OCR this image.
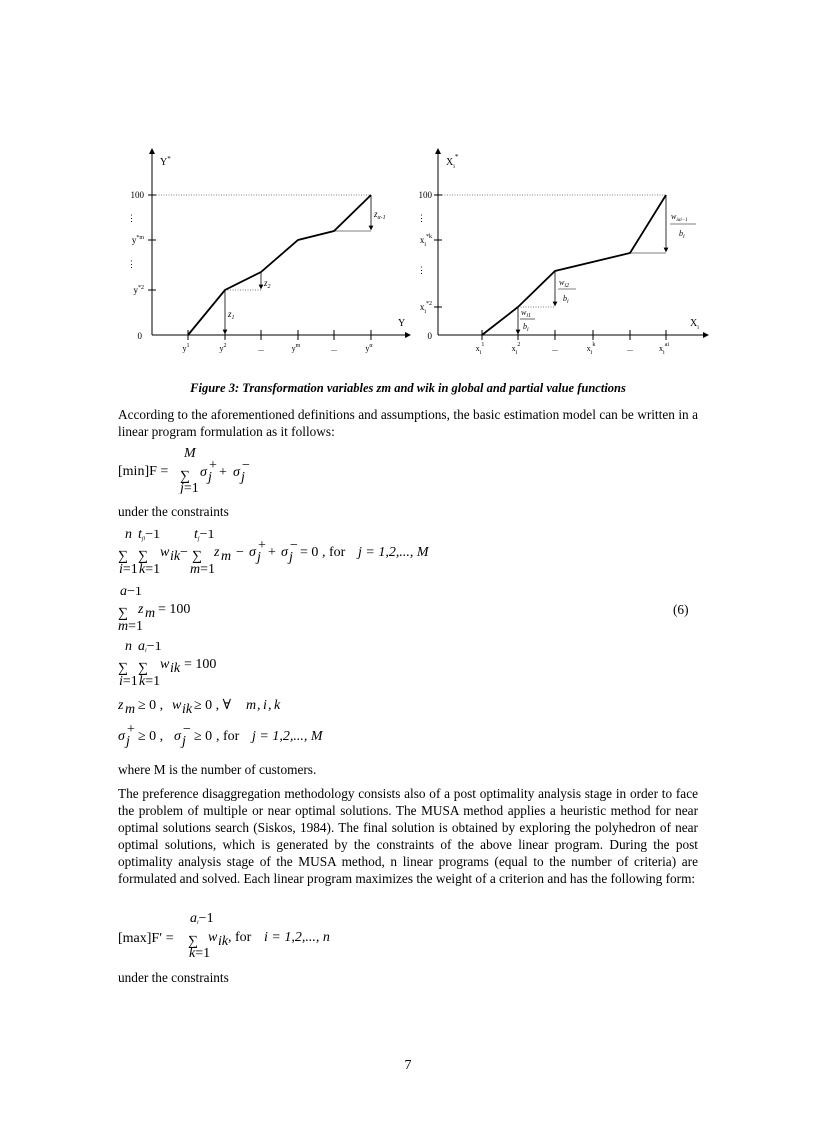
Y*
Y
100
⋮
$y^{*m}$
⋮
$y^{*2}$
0
$y^1$	$y^2$	...	$y^m$	...	$y^\alpha$
$z_1$
$z_2$
$z_{\alpha-1}$
$X_i^*$
$X_i$
100
⋮
$x_i^{*k}$
⋮
$x_i^{*2}$
0
$x_i^1$	$x_i^2$	...	$x_i^k$	...	$x_i^{ai}$
$w_{i1}$
$b_i$
$w_{i2}$
$b_i$
$w_{i\alpha}i-1$
$b_i$
Figure 3: Transformation variables zm and wik in global and partial value functions

According to the aforementioned definitions and assumptions, the basic estimation model can be written in a linear program formulation as it follows:

[min]F = ∑
M
j=1
σ +
j + σ −
j
under the constraints
∑
n
i=1
∑
tji−1
k=1
w ik − ∑
tj−1
m=1
z m − σ +
j + σ −
j = 0 , for j = 1,2,..., M
∑
a−1
m=1
z m = 100	(6)
∑
n
i=1
∑
ai−1
k=1
w ik = 100
z m ≥ 0 , w ik ≥ 0 , ∀ m , i , k
σ +
j ≥ 0 , σ −
j ≥ 0 , for j = 1,2,..., M
where M is the number of customers.

The preference disaggregation methodology consists also of a post optimality analysis stage in order to face the problem of multiple or near optimal solutions. The MUSA method applies a heuristic method for near optimal solutions search (Siskos, 1984). The final solution is obtained by exploring the polyhedron of near optimal solutions, which is generated by the constraints of the above linear program. During the post optimality analysis stage of the MUSA method, n linear programs (equal to the number of criteria) are formulated and solved. Each linear program maximizes the weight of a criterion and has the following form:

[max]F′ = ∑
ai−1
k=1
w ik , for i = 1,2,..., n
under the constraints
7
